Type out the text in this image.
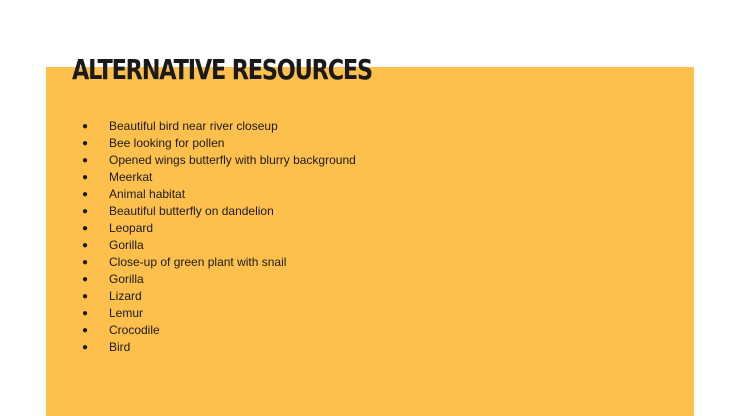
ALTERNATIVE RESOURCES
● Beautiful bird near river closeup
● Bee looking for pollen
● Opened wings butterfly with blurry background
● Meerkat
● Animal habitat
● Beautiful butterfly on dandelion
● Leopard
● Gorilla
● Close-up of green plant with snail
● Gorilla
● Lizard
● Lemur
● Crocodile
● Bird
